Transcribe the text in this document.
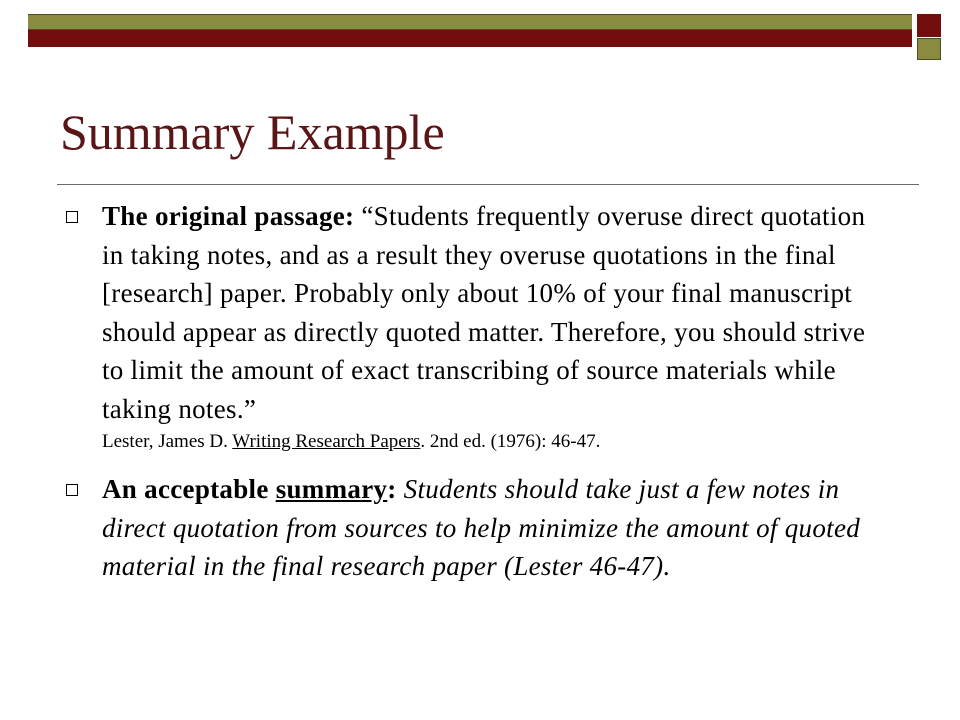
Summary Example
The original passage: “Students frequently overuse direct quotation in taking notes, and as a result they overuse quotations in the final [research] paper. Probably only about 10% of your final manuscript should appear as directly quoted matter. Therefore, you should strive to limit the amount of exact transcribing of source materials while taking notes.”
Lester, James D. Writing Research Papers. 2nd ed. (1976): 46-47.
An acceptable summary: Students should take just a few notes in direct quotation from sources to help minimize the amount of quoted material in the final research paper (Lester 46-47).
